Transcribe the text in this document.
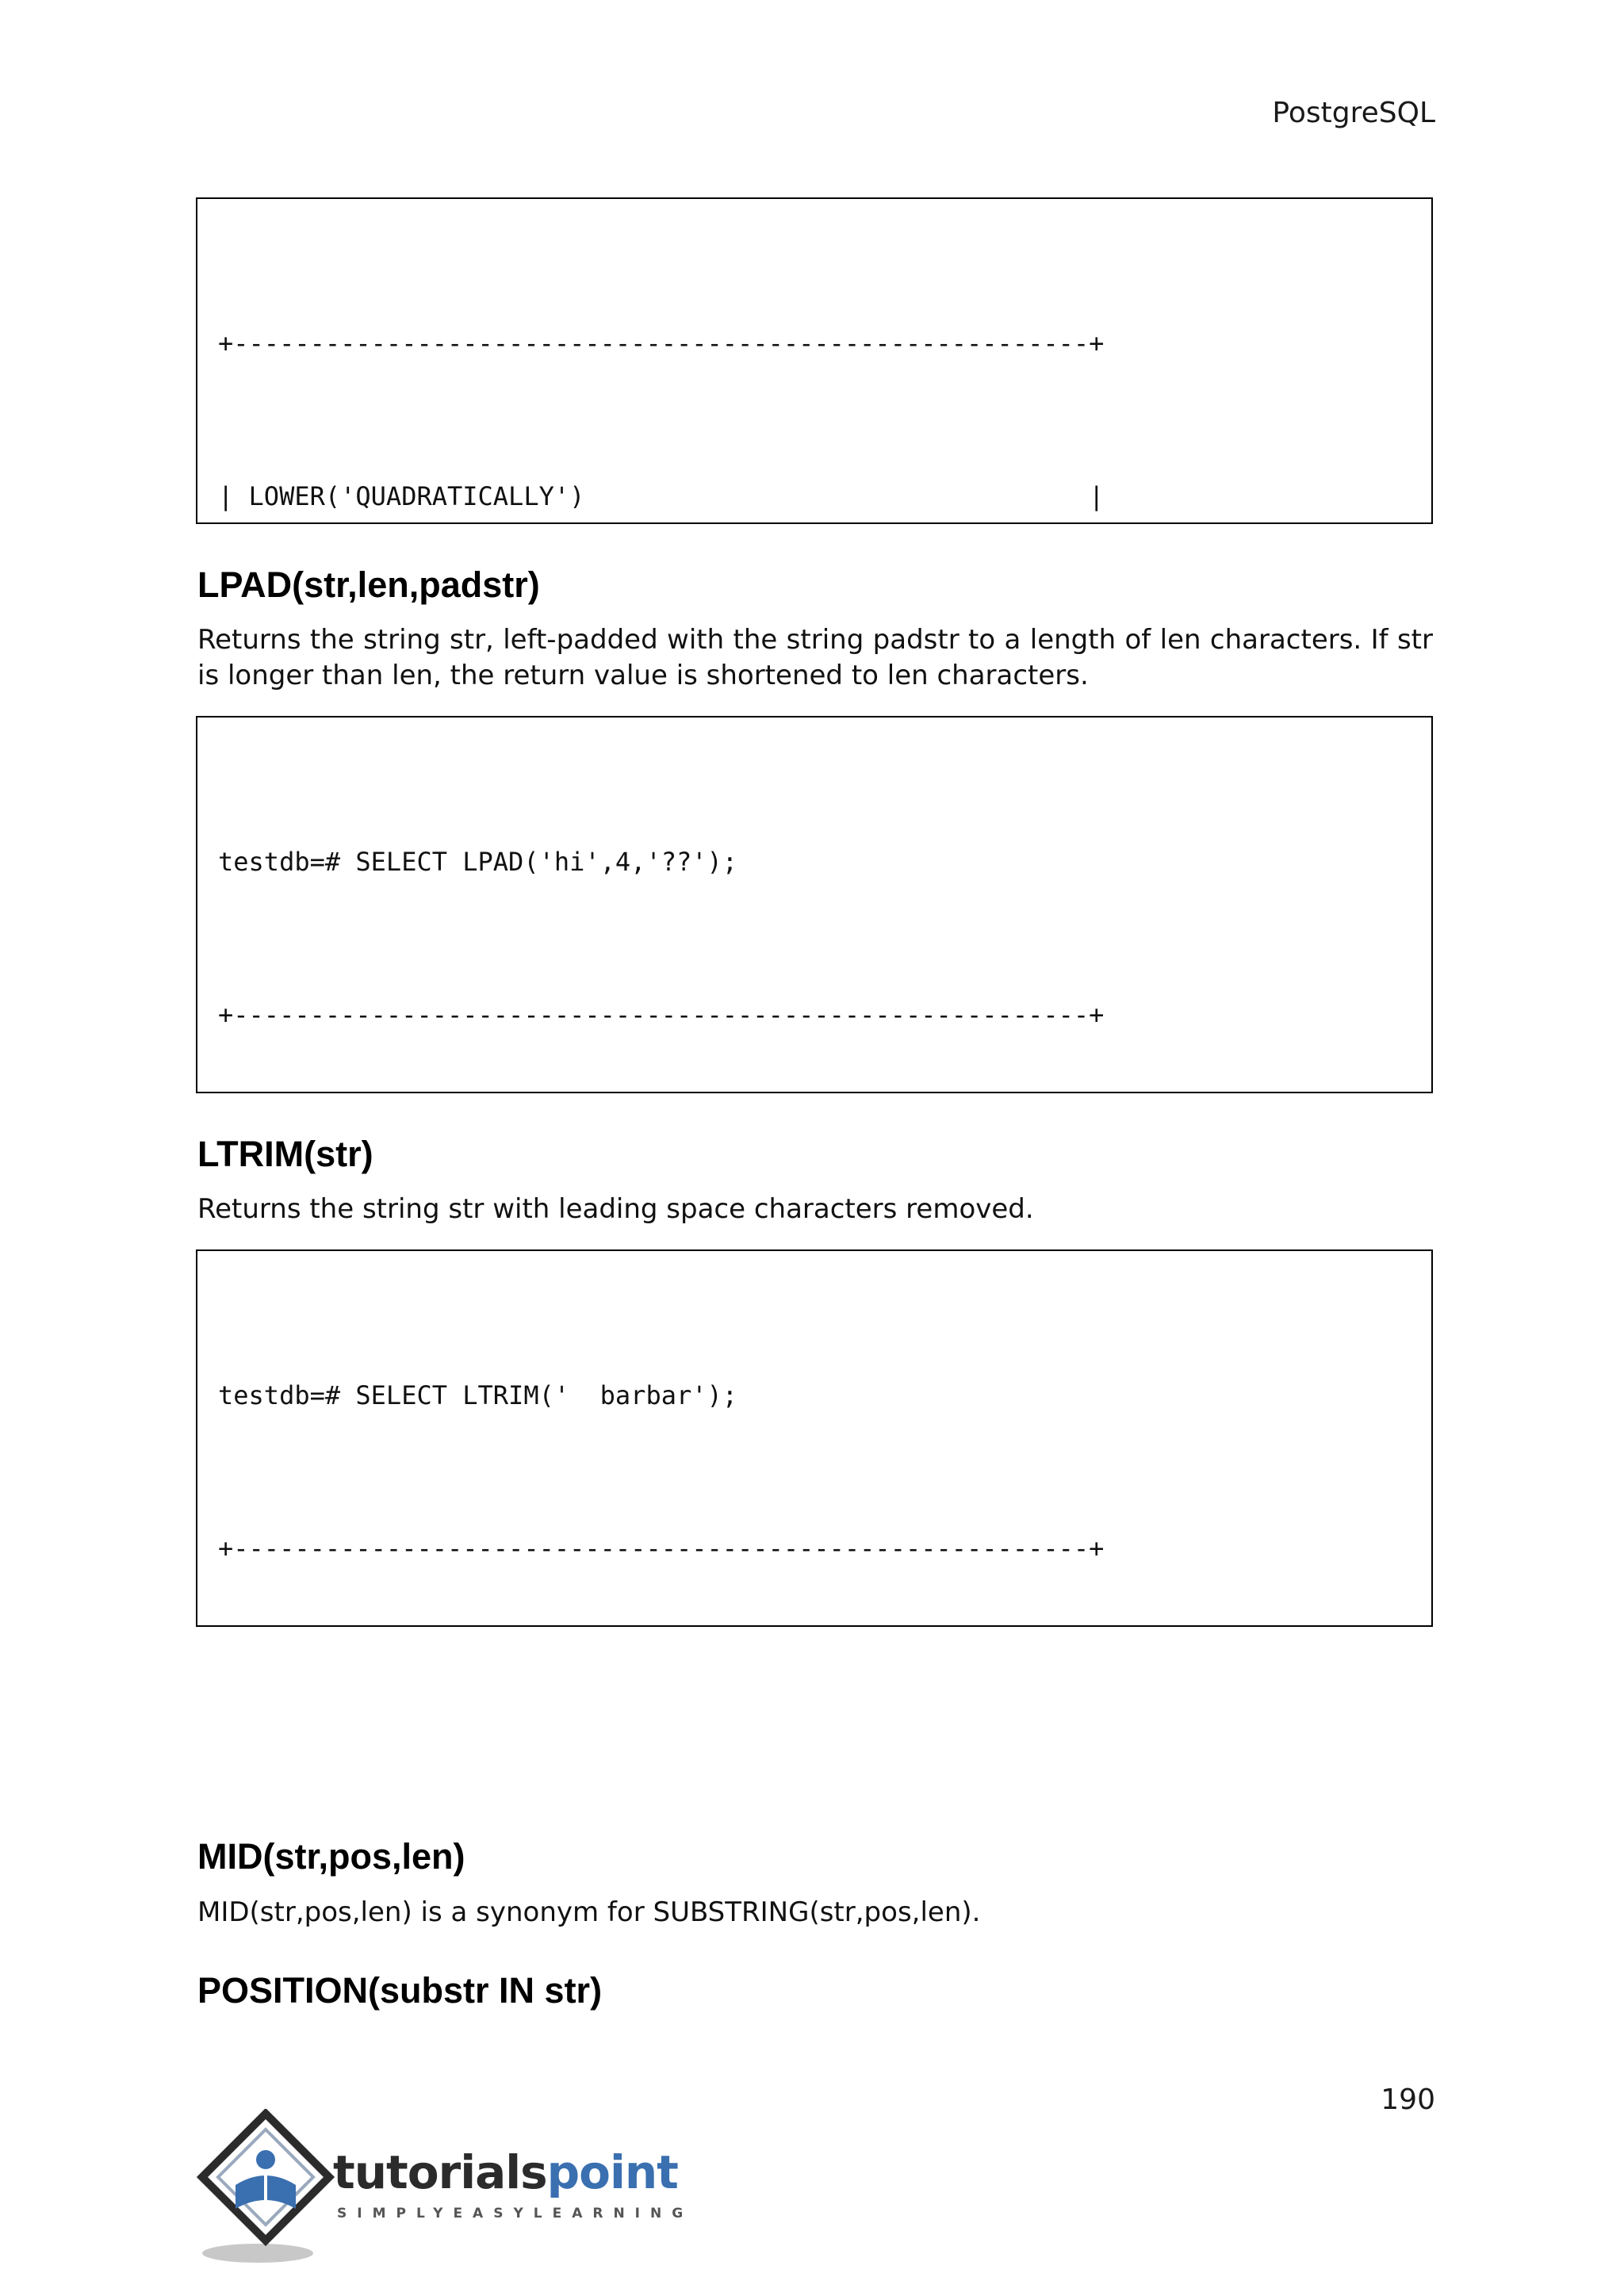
PostgreSQL

+--------------------------------------------------------+

| LOWER('QUADRATICALLY')                                 |

LPAD(str,len,padstr)
Returns the string str, left-padded with the string padstr to a length of len characters. If str is longer than len, the return value is shortened to len characters.

testdb=# SELECT LPAD('hi',4,'??');

+--------------------------------------------------------+

LTRIM(str)
Returns the string str with leading space characters removed.

testdb=# SELECT LTRIM('  barbar');

+--------------------------------------------------------+

MID(str,pos,len)
MID(str,pos,len) is a synonym for SUBSTRING(str,pos,len).
POSITION(substr IN str)
190
tutorialspoint
SIMPLYEASYLEARNING
